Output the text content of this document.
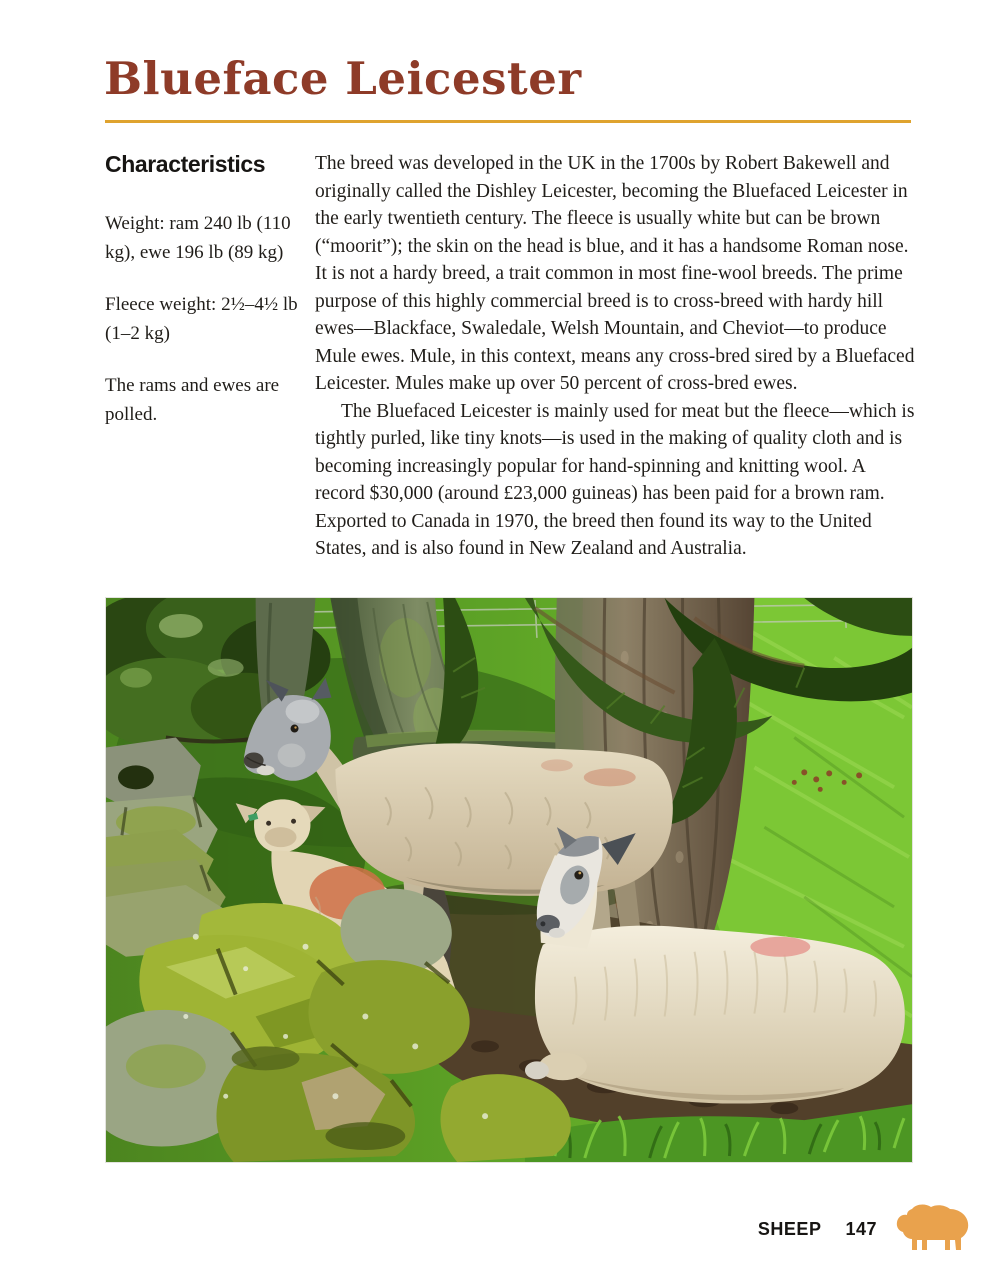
Blueface Leicester
Characteristics

Weight: ram 240 lb (110 kg), ewe 196 lb (89 kg)

Fleece weight: 2½–4½ lb (1–2 kg)

The rams and ewes are polled.

The breed was developed in the UK in the 1700s by Robert Bakewell and originally called the Dishley Leicester, becoming the Bluefaced Leicester in the early twentieth century. The fleece is usually white but can be brown (“moorit”); the skin on the head is blue, and it has a handsome Roman nose. It is not a hardy breed, a trait common in most fine-wool breeds. The prime purpose of this highly commercial breed is to cross-breed with hardy hill ewes—Blackface, Swaledale, Welsh Mountain, and Cheviot—to produce Mule ewes. Mule, in this context, means any cross-bred sired by a Bluefaced Leicester. Mules make up over 50 percent of cross-bred ewes.

The Bluefaced Leicester is mainly used for meat but the fleece—which is tightly purled, like tiny knots—is used in the making of quality cloth and is becoming increasingly popular for hand-spinning and knitting wool. A record $30,000 (around £23,000 guineas) has been paid for a brown ram. Exported to Canada in 1970, the breed then found its way to the United States, and is also found in New Zealand and Australia.

SHEEP 147
